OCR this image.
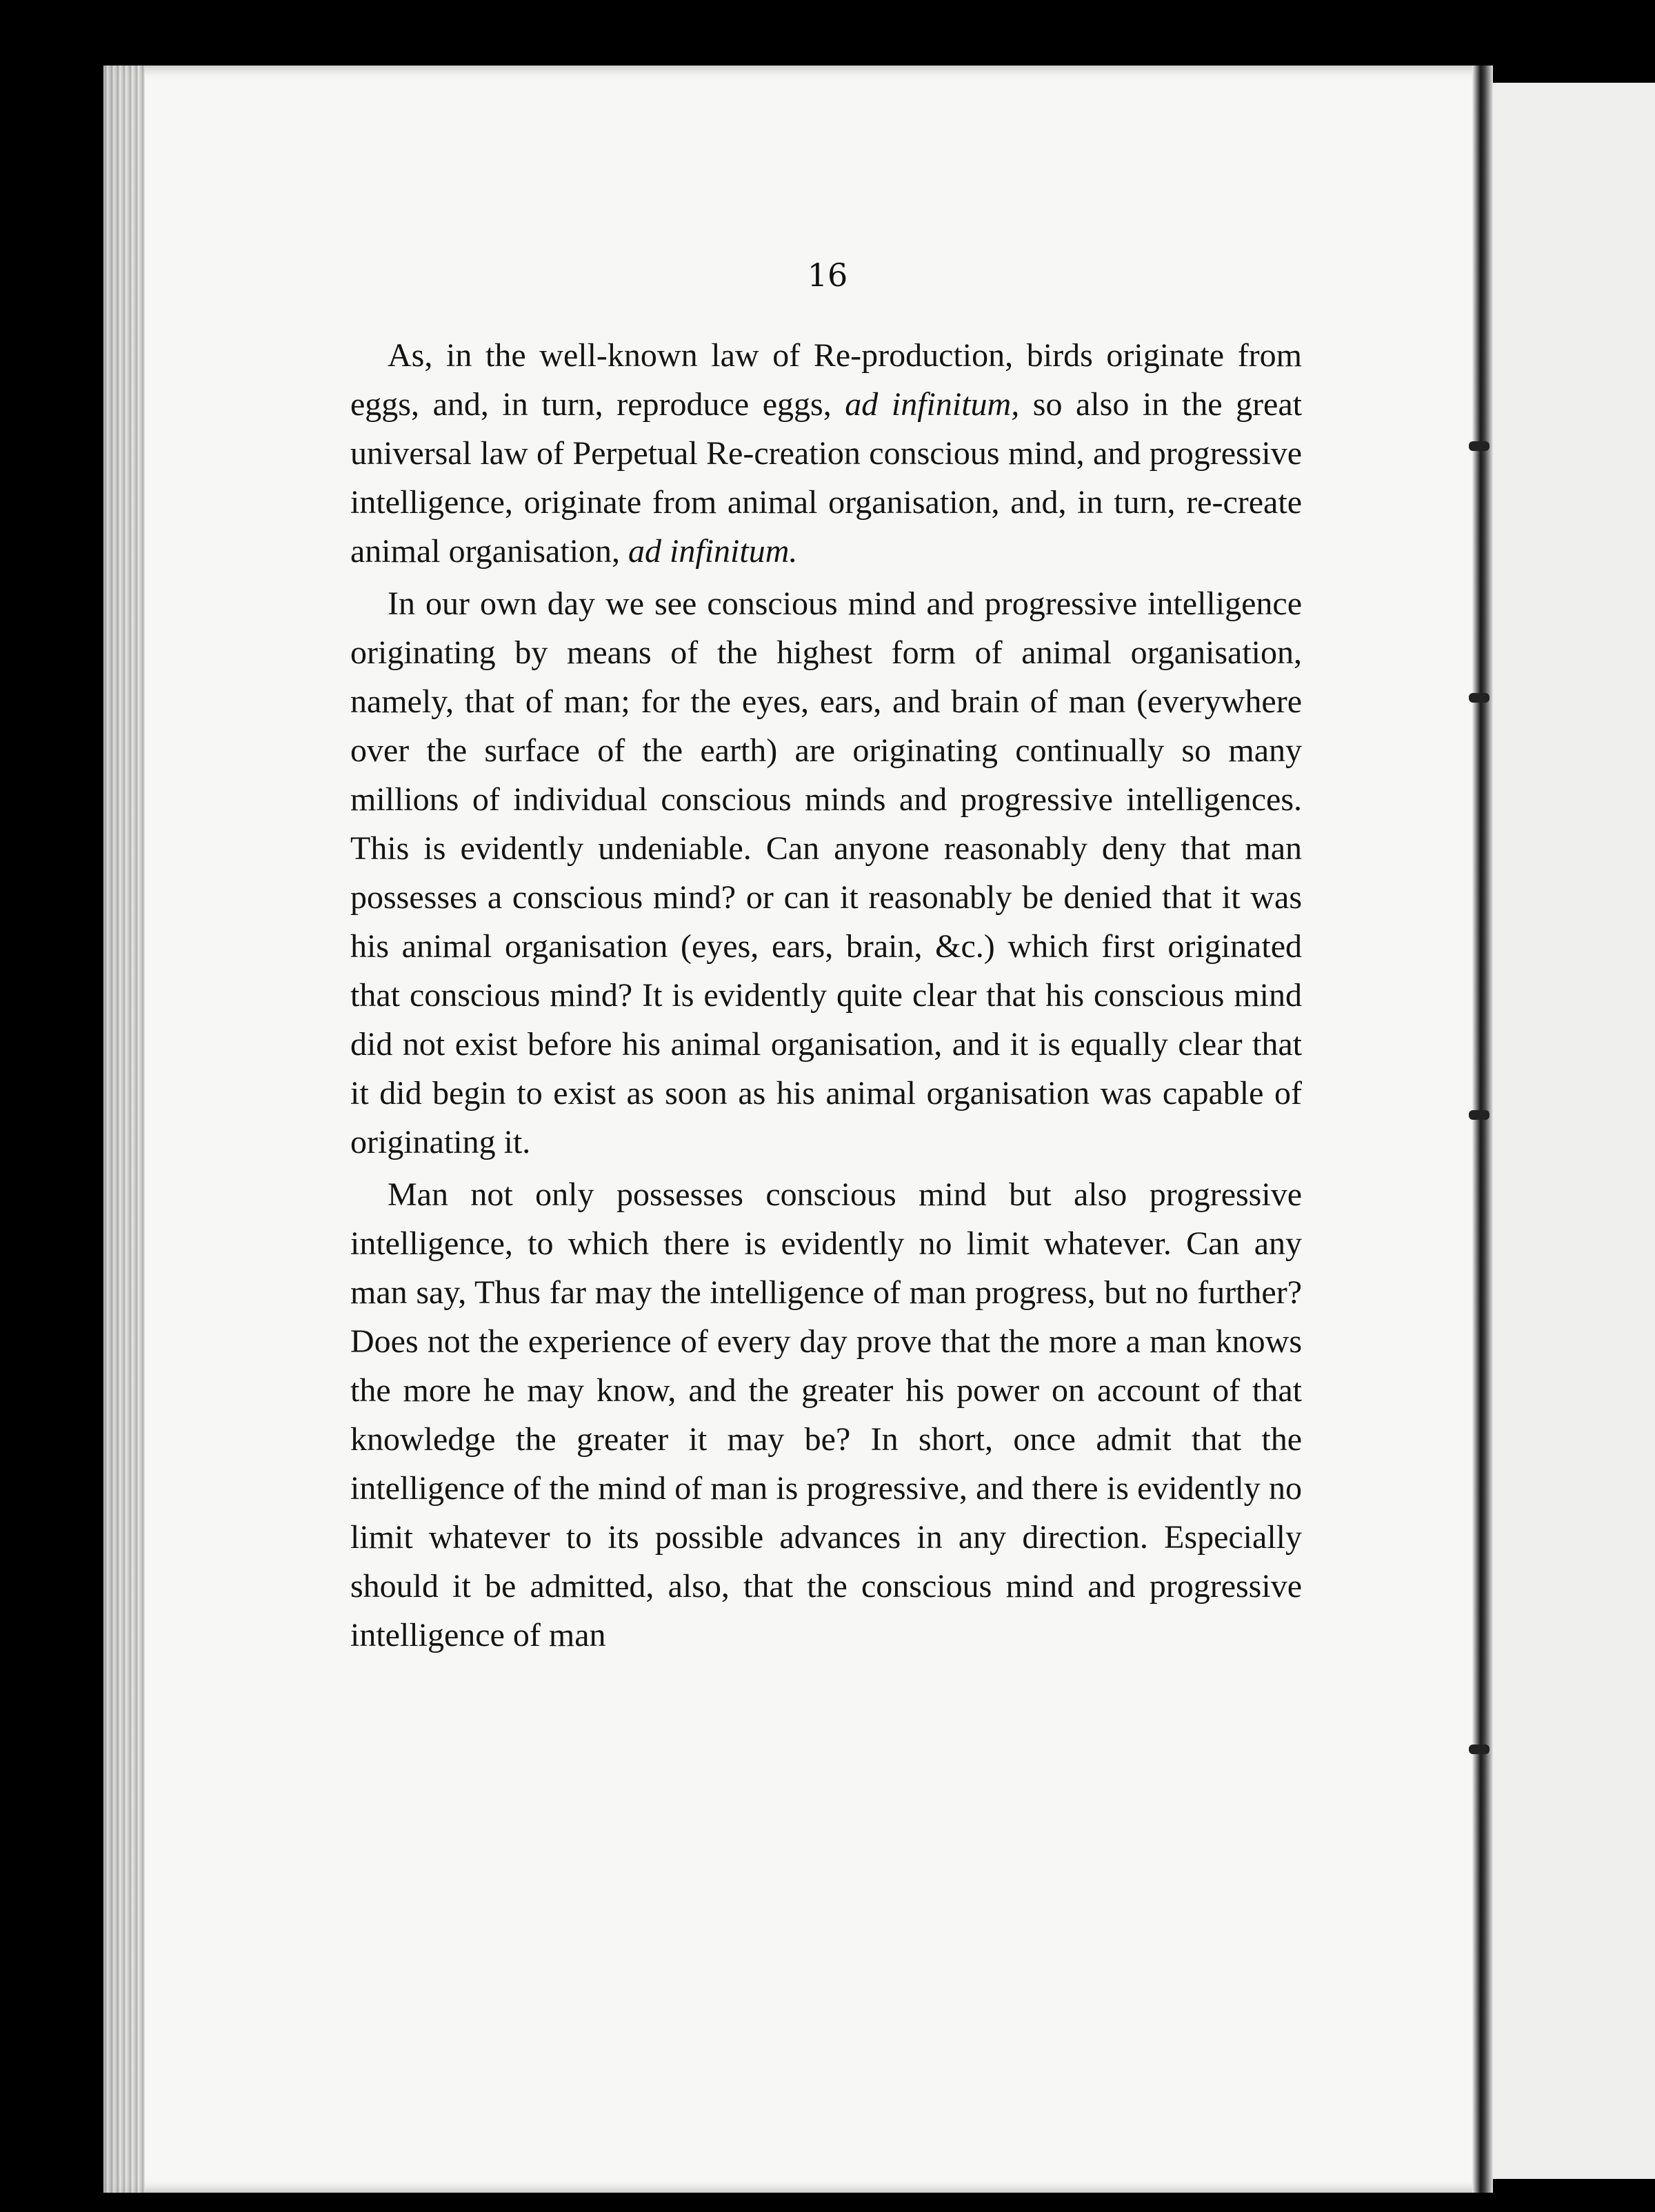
16

As, in the well-known law of Re-production, birds originate from eggs, and, in turn, reproduce eggs, ad infinitum, so also in the great universal law of Perpetual Re-creation conscious mind, and progressive intelligence, originate from animal organisation, and, in turn, re-create animal organisation, ad infinitum.

In our own day we see conscious mind and progressive intelligence originating by means of the highest form of animal organisation, namely, that of man; for the eyes, ears, and brain of man (everywhere over the surface of the earth) are originating continually so many millions of individual conscious minds and progressive intelligences. This is evidently undeniable. Can anyone reasonably deny that man possesses a conscious mind? or can it reasonably be denied that it was his animal organisation (eyes, ears, brain, &c.) which first originated that conscious mind? It is evidently quite clear that his conscious mind did not exist before his animal organisation, and it is equally clear that it did begin to exist as soon as his animal organisation was capable of originating it.

Man not only possesses conscious mind but also progressive intelligence, to which there is evidently no limit whatever. Can any man say, Thus far may the intelligence of man progress, but no further? Does not the experience of every day prove that the more a man knows the more he may know, and the greater his power on account of that knowledge the greater it may be? In short, once admit that the intelligence of the mind of man is progressive, and there is evidently no limit whatever to its possible advances in any direction. Especially should it be admitted, also, that the conscious mind and progressive intelligence of man
